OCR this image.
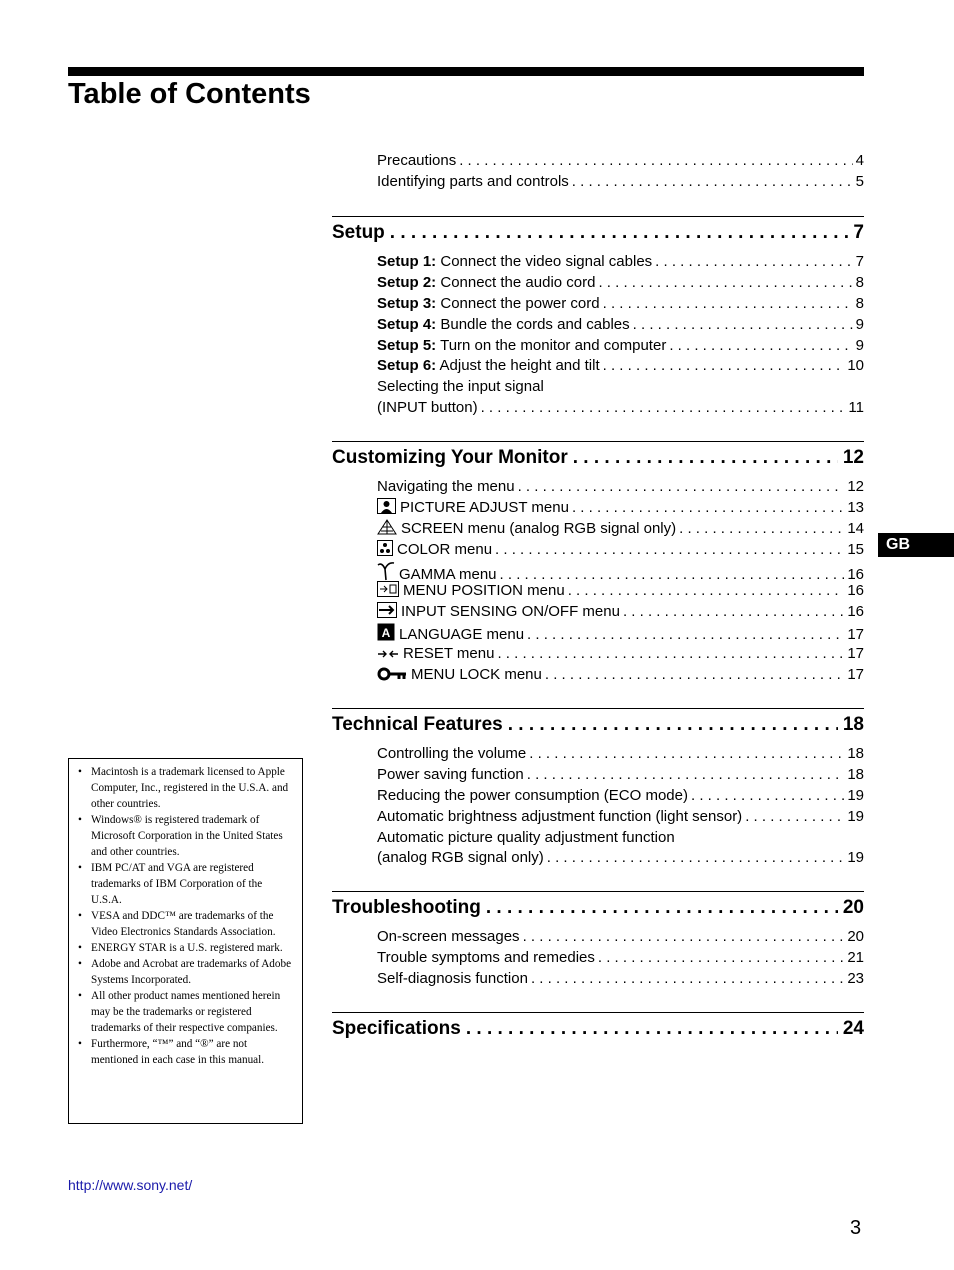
Table of Contents
Precautions . . .	4
Identifying parts and controls . . .	5
Setup . . .	7
Setup 1: Connect the video signal cables . . .	7
Setup 2: Connect the audio cord . . .	8
Setup 3: Connect the power cord . . .	8
Setup 4: Bundle the cords and cables . . .	9
Setup 5: Turn on the monitor and computer . . .	9
Setup 6: Adjust the height and tilt . . .	10
Selecting the input signal
(INPUT button) . . .	11
Customizing Your Monitor . . .	12
Navigating the menu . . .	12
PICTURE ADJUST menu . . .	13
SCREEN menu (analog RGB signal only) . . .	14
COLOR menu . . .	15
GAMMA menu . . .	16
MENU POSITION menu . . .	16
INPUT SENSING ON/OFF menu . . .	16
A LANGUAGE menu . . .	17
RESET menu . . .	17
MENU LOCK menu . . .	17
Technical Features . . .	18
Controlling the volume . . .	18
Power saving function . . .	18
Reducing the power consumption (ECO mode) . . .	19
Automatic brightness adjustment function (light sensor) . . .	19
Automatic picture quality adjustment function
(analog RGB signal only) . . .	19
Troubleshooting . . .	20
On-screen messages . . .	20
Trouble symptoms and remedies . . .	21
Self-diagnosis function . . .	23
Specifications . . .	24
• Macintosh is a trademark licensed to Apple Computer, Inc., registered in the U.S.A. and other countries.
• Windows® is registered trademark of Microsoft Corporation in the United States and other countries.
• IBM PC/AT and VGA are registered trademarks of IBM Corporation of the U.S.A.
• VESA and DDC™ are trademarks of the Video Electronics Standards Association.
• ENERGY STAR is a U.S. registered mark.
• Adobe and Acrobat are trademarks of Adobe Systems Incorporated.
• All other product names mentioned herein may be the trademarks or registered trademarks of their respective companies.
• Furthermore, “™” and “®” are not mentioned in each case in this manual.
GB
http://www.sony.net/
3
